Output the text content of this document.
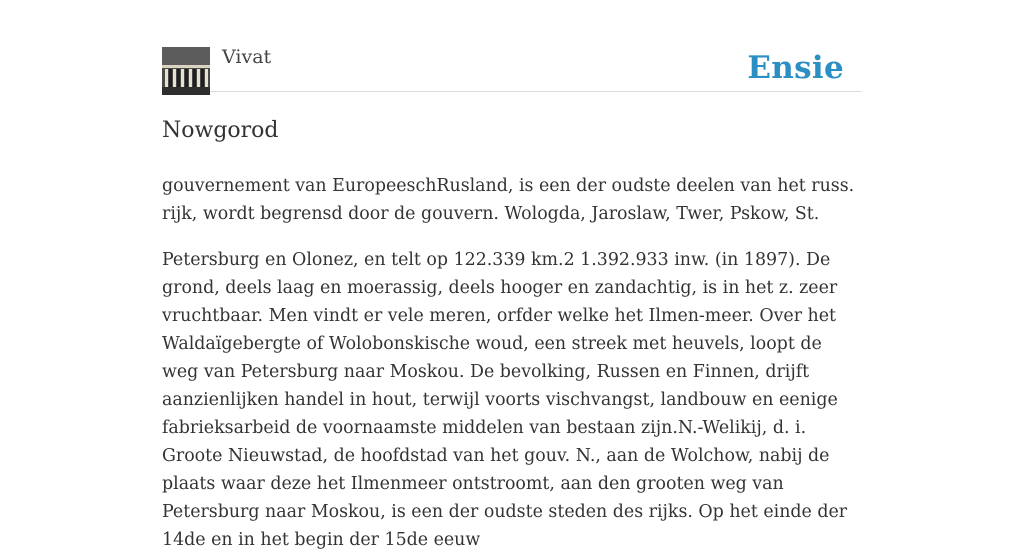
Vivat	Ensie
Nowgorod

gouvernement van EuropeeschRusland, is een der oudste deelen van het russ. rijk, wordt begrensd door de gouvern. Wologda, Jaroslaw, Twer, Pskow, St.

Petersburg en Olonez, en telt op 122.339 km.2 1.392.933 inw. (in 1897). De grond, deels laag en moerassig, deels hooger en zandachtig, is in het z. zeer vruchtbaar. Men vindt er vele meren, orfder welke het Ilmen-meer. Over het Waldaïgebergte of Wolobonskische woud, een streek met heuvels, loopt de weg van Petersburg naar Moskou. De bevolking, Russen en Finnen, drijft aanzienlijken handel in hout, terwijl voorts vischvangst, landbouw en eenige fabrieksarbeid de voornaamste middelen van bestaan zijn.N.-Welikij, d. i. Groote Nieuwstad, de hoofdstad van het gouv. N., aan de Wolchow, nabij de plaats waar deze het Ilmenmeer ontstroomt, aan den grooten weg van Petersburg naar Moskou, is een der oudste steden des rijks. Op het einde der 14de en in het begin der 15de eeuw
